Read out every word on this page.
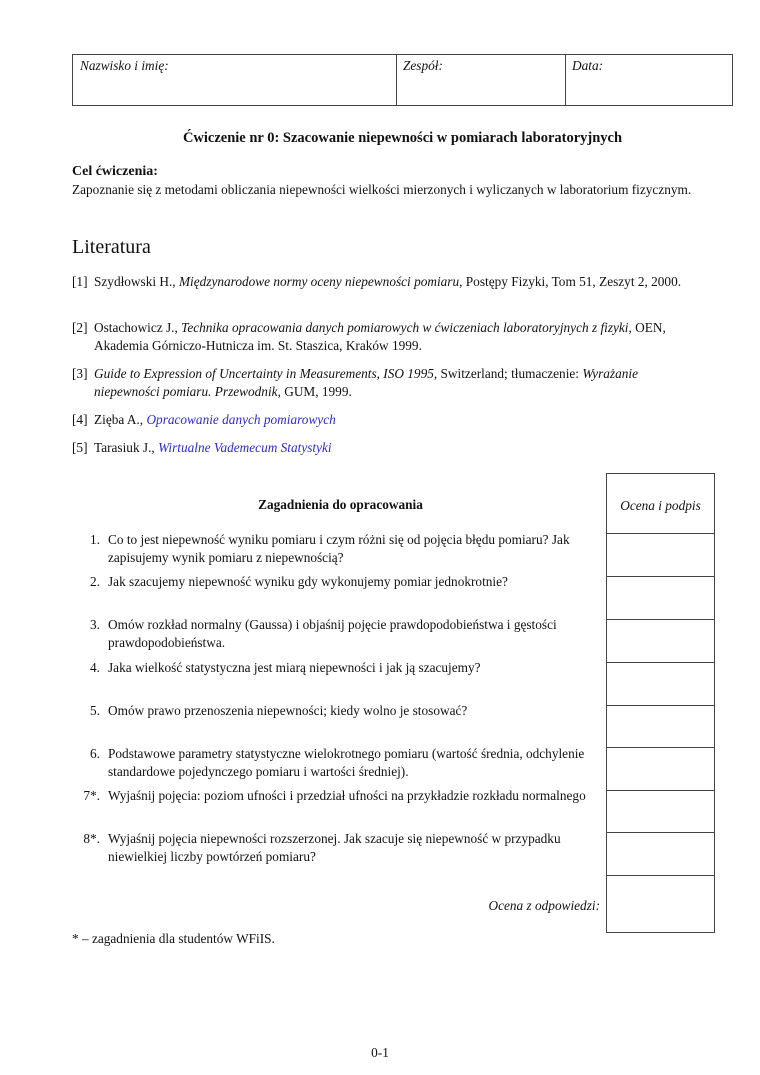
Nazwisko i imię:	Zespół:	Data:
Ćwiczenie nr 0: Szacowanie niepewności w pomiarach laboratoryjnych
Cel ćwiczenia:
Zapoznanie się z metodami obliczania niepewności wielkości mierzonych i wyliczanych w laboratorium fizycznym.
Literatura
[1] Szydłowski H., Międzynarodowe normy oceny niepewności pomiaru, Postępy Fizyki, Tom 51, Zeszyt 2, 2000.
[2] Ostachowicz J., Technika opracowania danych pomiarowych w ćwiczeniach laboratoryjnych z fizyki, OEN, Akademia Górniczo-Hutnicza im. St. Staszica, Kraków 1999.
[3] Guide to Expression of Uncertainty in Measurements, ISO 1995, Switzerland; tłumaczenie: Wyrażanie niepewności pomiaru. Przewodnik, GUM, 1999.
[4] Zięba A., Opracowanie danych pomiarowych
[5] Tarasiuk J., Wirtualne Vademecum Statystyki
Zagadnienia do opracowania	Ocena i podpis
1. Co to jest niepewność wyniku pomiaru i czym różni się od pojęcia błędu pomiaru? Jak zapisujemy wynik pomiaru z niepewnością?
2. Jak szacujemy niepewność wyniku gdy wykonujemy pomiar jednokrotnie?
3. Omów rozkład normalny (Gaussa) i objaśnij pojęcie prawdopodobieństwa i gęstości prawdopodobieństwa.
4. Jaka wielkość statystyczna jest miarą niepewności i jak ją szacujemy?
5. Omów prawo przenoszenia niepewności; kiedy wolno je stosować?
6. Podstawowe parametry statystyczne wielokrotnego pomiaru (wartość średnia, odchylenie standardowe pojedynczego pomiaru i wartości średniej).
7*. Wyjaśnij pojęcia: poziom ufności i przedział ufności na przykładzie rozkładu normalnego
8*. Wyjaśnij pojęcia niepewności rozszerzonej. Jak szacuje się niepewność w przypadku niewielkiej liczby powtórzeń pomiaru?
Ocena z odpowiedzi:
* – zagadnienia dla studentów WFiIS.
0-1
